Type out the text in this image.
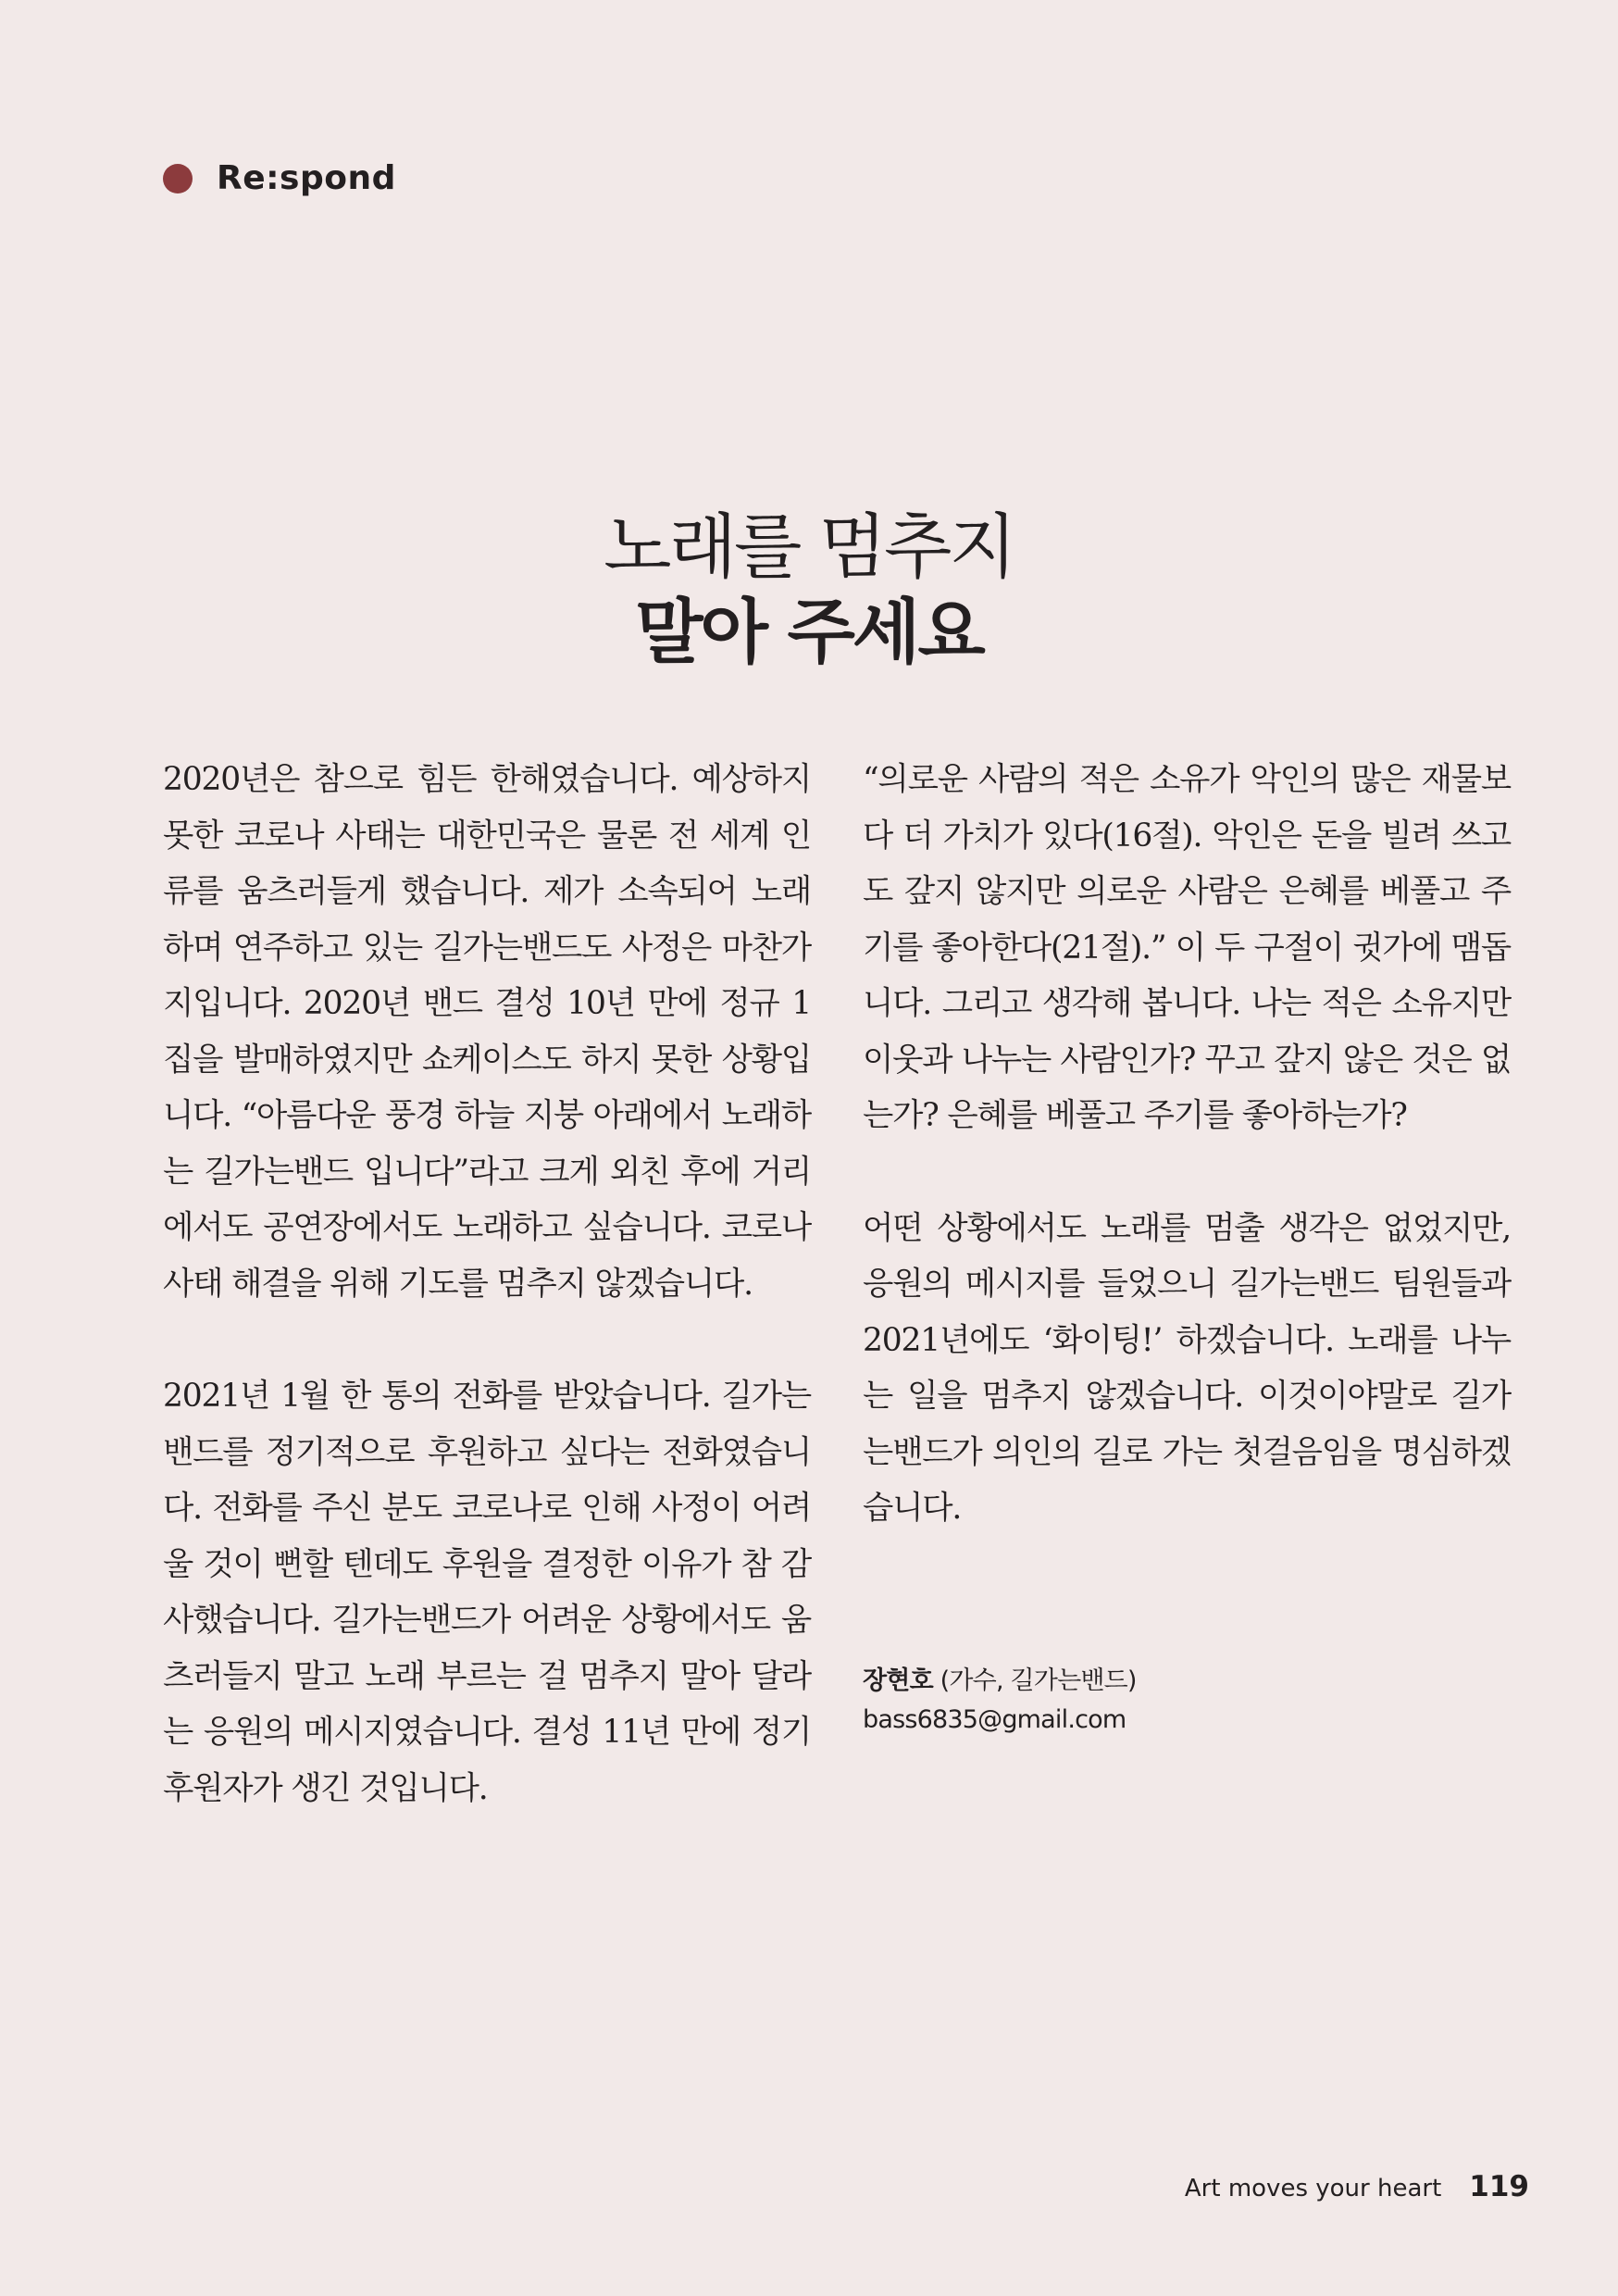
Re:spond
노래를 멈추지
말아 주세요

2020년은 참으로 힘든 한해였습니다. 예상하지 못한 코로나 사태는 대한민국은 물론 전 세계 인류를 움츠러들게 했습니다. 제가 소속되어 노래하며 연주하고 있는 길가는밴드도 사정은 마찬가지입니다. 2020년 밴드 결성 10년 만에 정규 1집을 발매하였지만 쇼케이스도 하지 못한 상황입니다. “아름다운 풍경 하늘 지붕 아래에서 노래하는 길가는밴드 입니다”라고 크게 외친 후에 거리에서도 공연장에서도 노래하고 싶습니다. 코로나 사태 해결을 위해 기도를 멈추지 않겠습니다.

2021년 1월 한 통의 전화를 받았습니다. 길가는밴드를 정기적으로 후원하고 싶다는 전화였습니다. 전화를 주신 분도 코로나로 인해 사정이 어려울 것이 뻔할 텐데도 후원을 결정한 이유가 참 감사했습니다. 길가는밴드가 어려운 상황에서도 움츠러들지 말고 노래 부르는 걸 멈추지 말아 달라는 응원의 메시지였습니다. 결성 11년 만에 정기후원자가 생긴 것입니다.

“의로운 사람의 적은 소유가 악인의 많은 재물보다 더 가치가 있다(16절). 악인은 돈을 빌려 쓰고도 갚지 않지만 의로운 사람은 은혜를 베풀고 주기를 좋아한다(21절).” 이 두 구절이 귓가에 맴돕니다. 그리고 생각해 봅니다. 나는 적은 소유지만 이웃과 나누는 사람인가? 꾸고 갚지 않은 것은 없는가? 은혜를 베풀고 주기를 좋아하는가?

어떤 상황에서도 노래를 멈출 생각은 없었지만, 응원의 메시지를 들었으니 길가는밴드 팀원들과 2021년에도 ‘화이팅!’ 하겠습니다. 노래를 나누는 일을 멈추지 않겠습니다. 이것이야말로 길가는밴드가 의인의 길로 가는 첫걸음임을 명심하겠습니다.

장현호 (가수, 길가는밴드)
bass6835@gmail.com
Art moves your heart 119
